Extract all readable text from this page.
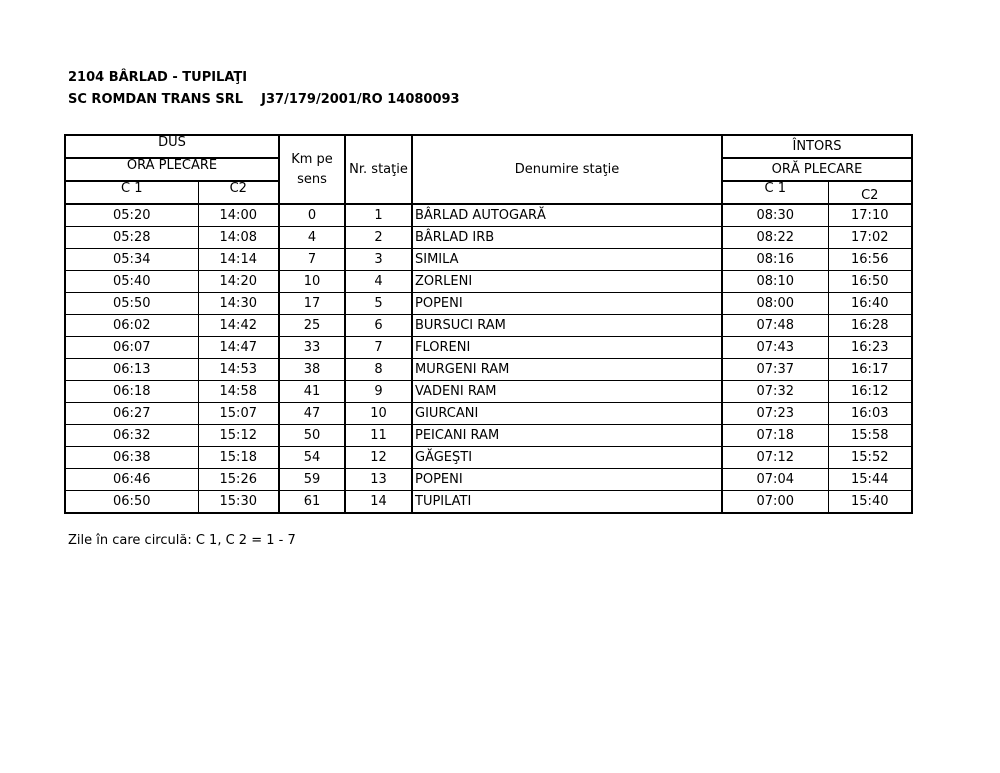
2104 BÂRLAD - TUPILAŢI
SC ROMDAN TRANS SRL    J37/179/2001/RO 14080093
DUS		Km pe sens	Nr. staţie	Denumire staţie	ÎNTORS	
ORA PLECARE					ORĂ PLECARE	
C 1	C2				C 1	C2
05:20	14:00	0	1	BÂRLAD AUTOGARĂ	08:30	17:10
05:28	14:08	4	2	BÂRLAD IRB	08:22	17:02
05:34	14:14	7	3	SIMILA	08:16	16:56
05:40	14:20	10	4	ZORLENI	08:10	16:50
05:50	14:30	17	5	POPENI	08:00	16:40
06:02	14:42	25	6	BURSUCI RAM	07:48	16:28
06:07	14:47	33	7	FLORENI	07:43	16:23
06:13	14:53	38	8	MURGENI RAM	07:37	16:17
06:18	14:58	41	9	VADENI RAM	07:32	16:12
06:27	15:07	47	10	GIURCANI	07:23	16:03
06:32	15:12	50	11	PEICANI RAM	07:18	15:58
06:38	15:18	54	12	GĂGEŞTI	07:12	15:52
06:46	15:26	59	13	POPENI	07:04	15:44
06:50	15:30	61	14	TUPILATI	07:00	15:40
Zile în care circulă: C 1, C 2 = 1 - 7
